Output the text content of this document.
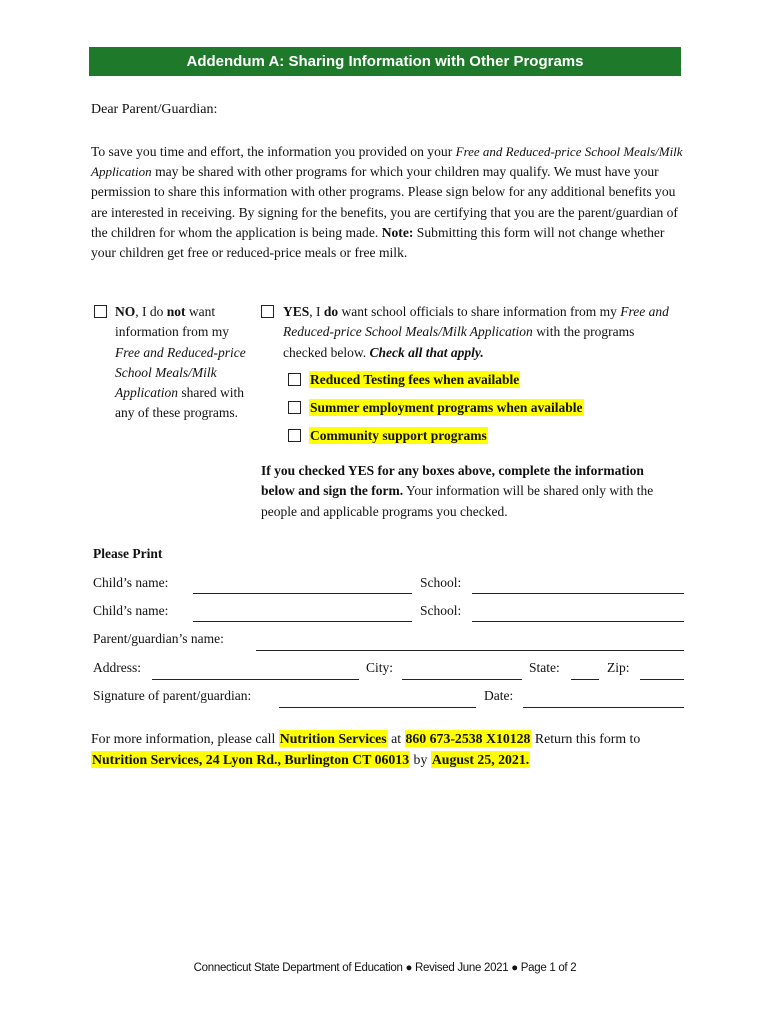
Addendum A: Sharing Information with Other Programs
Dear Parent/Guardian:
To save you time and effort, the information you provided on your Free and Reduced-price School Meals/Milk Application may be shared with other programs for which your children may qualify. We must have your permission to share this information with other programs. Please sign below for any additional benefits you are interested in receiving. By signing for the benefits, you are certifying that you are the parent/guardian of the children for whom the application is being made. Note: Submitting this form will not change whether your children get free or reduced-price meals or free milk.
NO, I do not want information from my Free and Reduced-price School Meals/Milk Application shared with any of these programs.
YES, I do want school officials to share information from my Free and Reduced-price School Meals/Milk Application with the programs checked below. Check all that apply.
Reduced Testing fees when available
Summer employment programs when available
Community support programs
If you checked YES for any boxes above, complete the information below and sign the form. Your information will be shared only with the people and applicable programs you checked.
Please Print
Child’s name:	School:
Child’s name:	School:
Parent/guardian’s name:
Address:	City:	State:	Zip:
Signature of parent/guardian:	Date:
For more information, please call Nutrition Services at 860 673-2538 X10128 Return this form to Nutrition Services, 24 Lyon Rd., Burlington CT 06013 by August 25, 2021.
Connecticut State Department of Education ● Revised June 2021 ● Page 1 of 2
